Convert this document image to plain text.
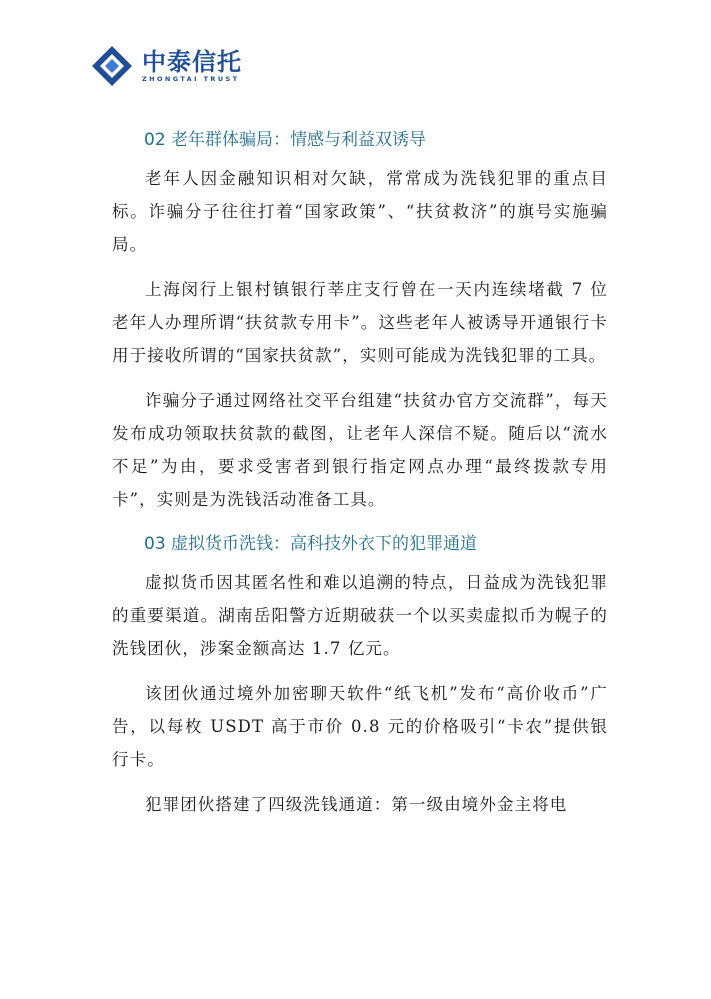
中泰信托
ZHONGTAI TRUST
02 老年群体骗局：情感与利益双诱导

老年人因金融知识相对欠缺，常常成为洗钱犯罪的重点目标。诈骗分子往往打着“国家政策”、“扶贫救济”的旗号实施骗局。

上海闵行上银村镇银行莘庄支行曾在一天内连续堵截 7 位老年人办理所谓“扶贫款专用卡”。这些老年人被诱导开通银行卡用于接收所谓的“国家扶贫款”，实则可能成为洗钱犯罪的工具。

诈骗分子通过网络社交平台组建“扶贫办官方交流群”，每天发布成功领取扶贫款的截图，让老年人深信不疑。随后以“流水不足”为由，要求受害者到银行指定网点办理“最终拨款专用卡”，实则是为洗钱活动准备工具。

03 虚拟货币洗钱：高科技外衣下的犯罪通道

虚拟货币因其匿名性和难以追溯的特点，日益成为洗钱犯罪的重要渠道。湖南岳阳警方近期破获一个以买卖虚拟币为幌子的洗钱团伙，涉案金额高达 1.7 亿元。

该团伙通过境外加密聊天软件“纸飞机”发布“高价收币”广告，以每枚 USDT 高于市价 0.8 元的价格吸引“卡农”提供银行卡。

犯罪团伙搭建了四级洗钱通道：第一级由境外金主将电
